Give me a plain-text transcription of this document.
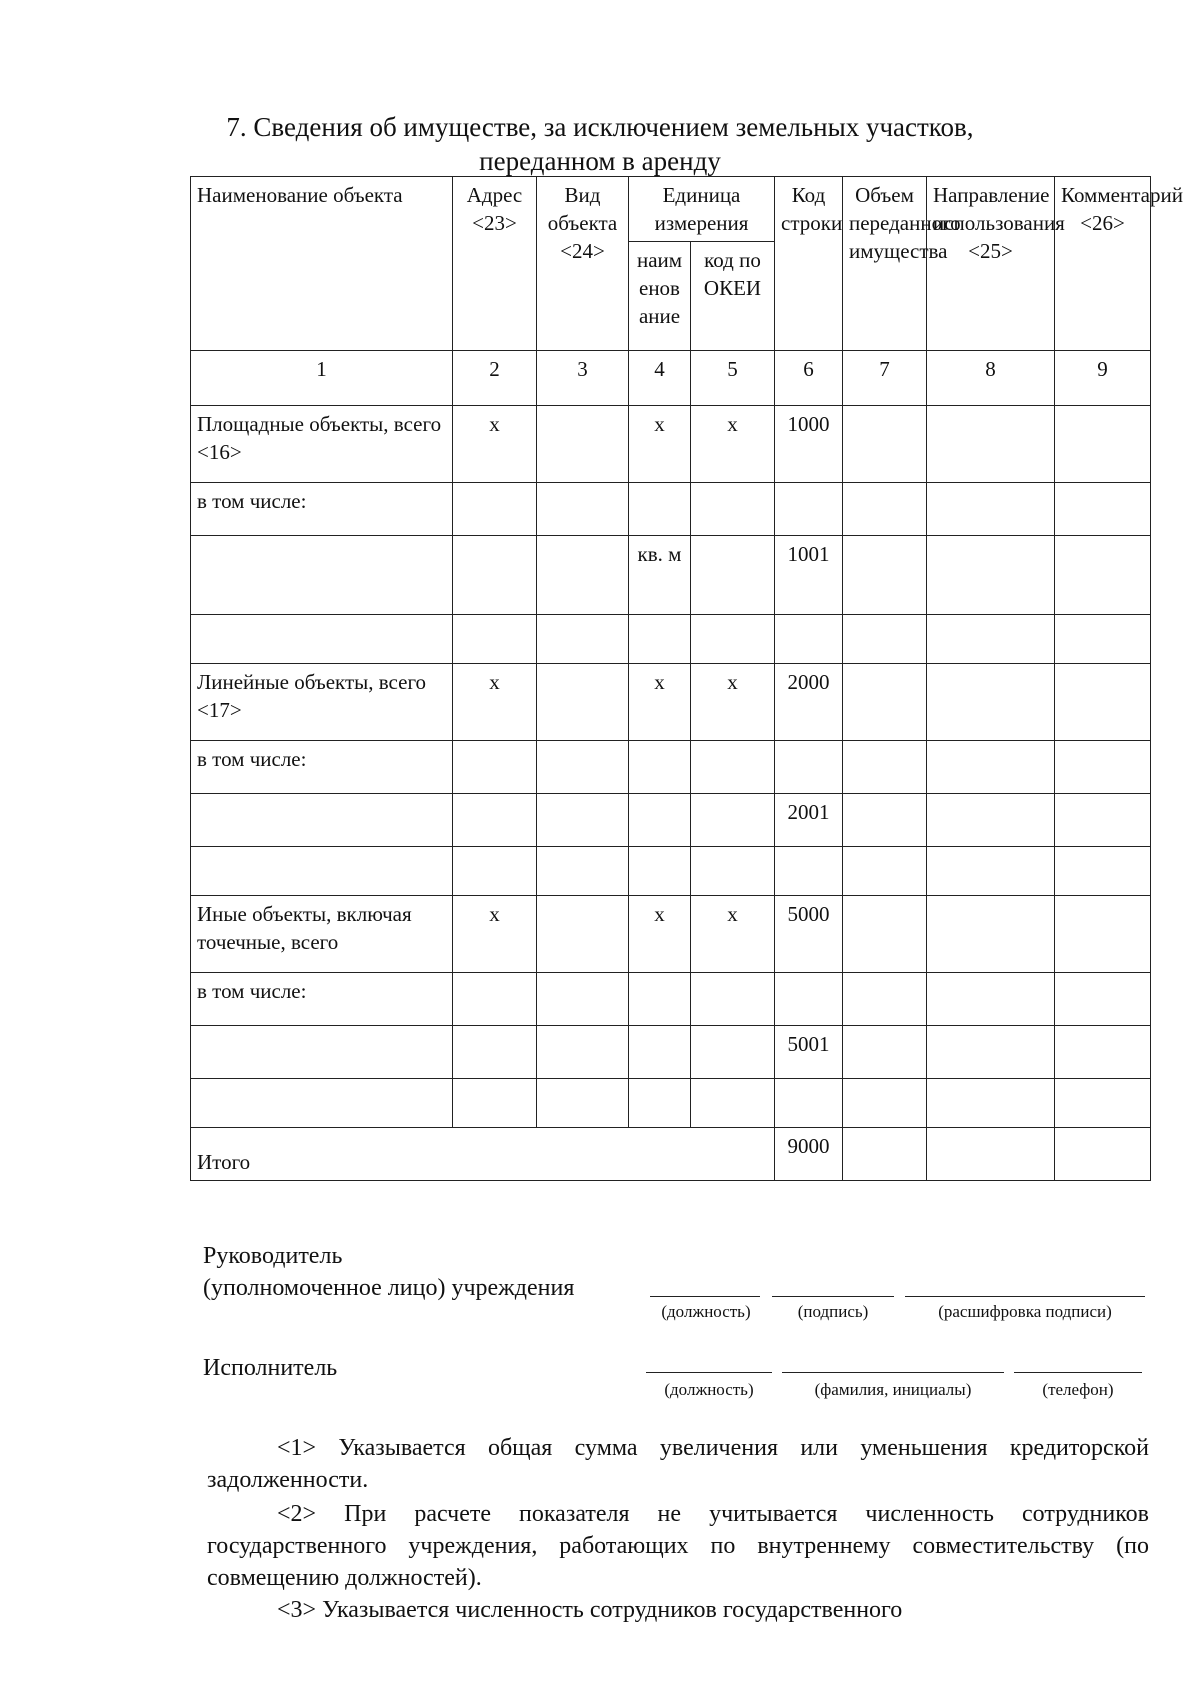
7. Сведения об имуществе, за исключением земельных участков,
переданном в аренду
Наименование объекта	Адрес <23>	Вид объекта <24>	Единица измерения		Код строки	Объем переданного имущества	Направление использования <25>	Комментарий <26>
			наименование	код по ОКЕИ				
1	2	3	4	5	6	7	8	9
Площадные объекты, всего <16>	x		x	x	1000			
в том числе:								
			кв. м		1001			

Линейные объекты, всего <17>	x		x	x	2000			
в том числе:								
					2001			

Иные объекты, включая точечные, всего	x		x	x	5000			
в том числе:								
					5001			

Итого					9000			
Руководитель
(уполномоченное лицо) учреждения
(должность)	(подпись)	(расшифровка подписи)
Исполнитель
(должность)	(фамилия, инициалы)	(телефон)
<1> Указывается общая сумма увеличения или уменьшения кредиторской задолженности.
<2> При расчете показателя не учитывается численность сотрудников государственного учреждения, работающих по внутреннему совместительству (по совмещению должностей).
<3> Указывается численность сотрудников государственного
